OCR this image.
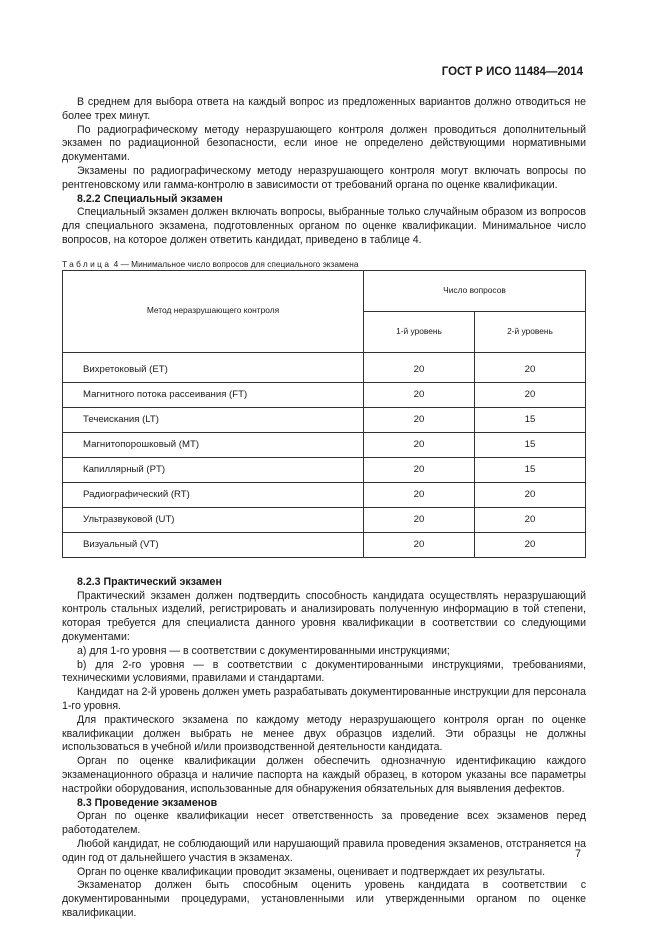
ГОСТ Р ИСО 11484—2014

В среднем для выбора ответа на каждый вопрос из предложенных вариантов должно отводиться не более трех минут.

По радиографическому методу неразрушающего контроля должен проводиться дополнительный экзамен по радиационной безопасности, если иное не определено действующими нормативными документами.

Экзамены по радиографическому методу неразрушающего контроля могут включать вопросы по рентгеновскому или гамма-контролю в зависимости от требований органа по оценке квалификации.

8.2.2 Специальный экзамен

Специальный экзамен должен включать вопросы, выбранные только случайным образом из вопросов для специального экзамена, подготовленных органом по оценке квалификации. Минимальное число вопросов, на которое должен ответить кандидат, приведено в таблице 4.

Таблица 4 — Минимальное число вопросов для специального экзамена
Метод неразрушающего контроля	Число вопросов	
	1-й уровень	2-й уровень
Вихретоковый (ET)	20	20
Магнитного потока рассеивания (FT)	20	20
Течеискания (LT)	20	15
Магнитопорошковый (MT)	20	15
Капиллярный (PT)	20	15
Радиографический (RT)	20	20
Ультразвуковой (UT)	20	20
Визуальный (VT)	20	20
8.2.3 Практический экзамен

Практический экзамен должен подтвердить способность кандидата осуществлять неразрушающий контроль стальных изделий, регистрировать и анализировать полученную информацию в той степени, которая требуется для специалиста данного уровня квалификации в соответствии со следующими документами:

a) для 1-го уровня — в соответствии с документированными инструкциями;

b) для 2-го уровня — в соответствии с документированными инструкциями, требованиями, техническими условиями, правилами и стандартами.

Кандидат на 2-й уровень должен уметь разрабатывать документированные инструкции для персонала 1-го уровня.

Для практического экзамена по каждому методу неразрушающего контроля орган по оценке квалификации должен выбрать не менее двух образцов изделий. Эти образцы не должны использоваться в учебной и/или производственной деятельности кандидата.

Орган по оценке квалификации должен обеспечить однозначную идентификацию каждого экзаменационного образца и наличие паспорта на каждый образец, в котором указаны все параметры настройки оборудования, использованные для обнаружения обязательных для выявления дефектов.

8.3 Проведение экзаменов

Орган по оценке квалификации несет ответственность за проведение всех экзаменов перед работодателем.

Любой кандидат, не соблюдающий или нарушающий правила проведения экзаменов, отстраняется на один год от дальнейшего участия в экзаменах.

Орган по оценке квалификации проводит экзамены, оценивает и подтверждает их результаты.

Экзаменатор должен быть способным оценить уровень кандидата в соответствии с документированными процедурами, установленными или утвержденными органом по оценке квалификации.

7
